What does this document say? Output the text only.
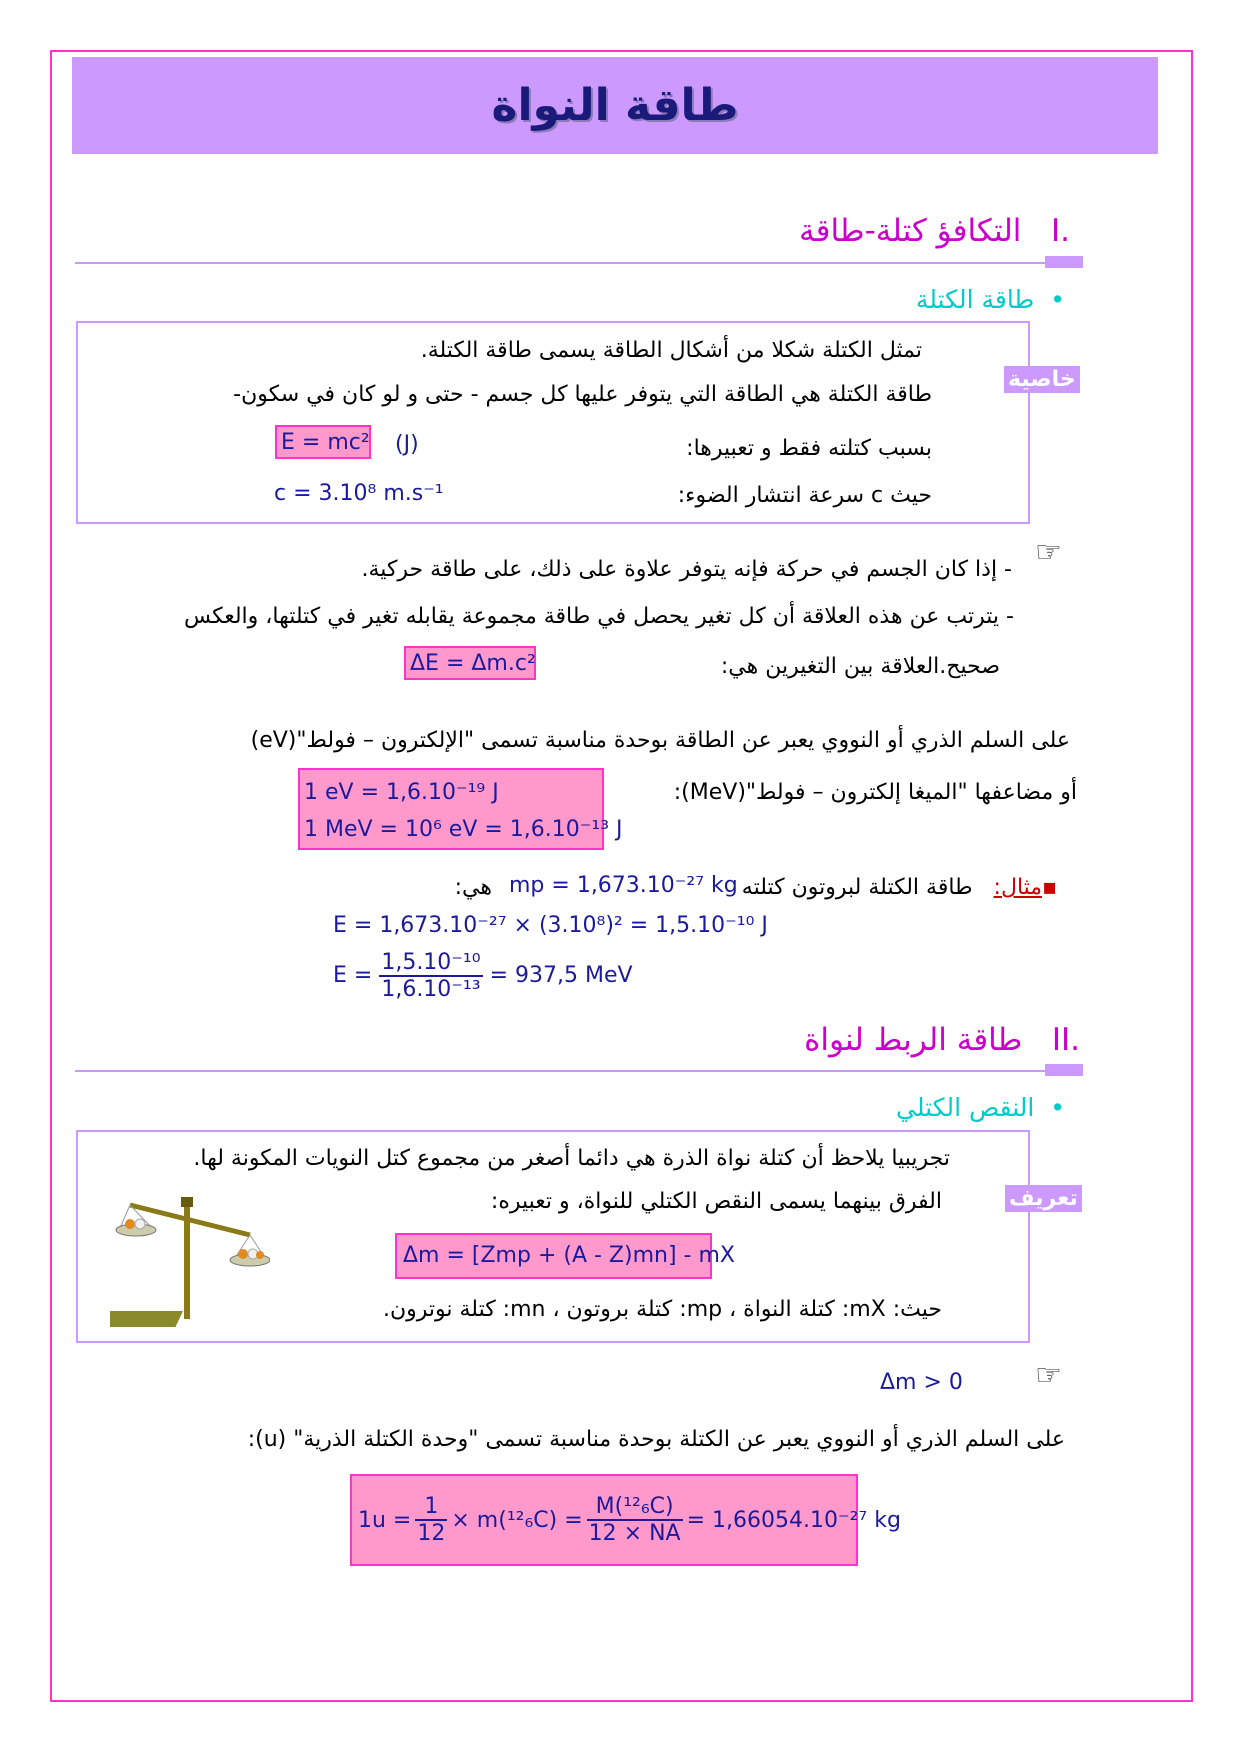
طاقة النواة
.I   التكافؤ كتلة-طاقة
•  طاقة الكتلة
خاصية
تمثل الكتلة شكلا من أشكال الطاقة يسمى طاقة الكتلة.
طاقة الكتلة هي الطاقة التي يتوفر عليها كل جسم - حتى و لو كان في سكون-
بسبب كتلته فقط و تعبيرها:
E = mc² (J)
حيث c سرعة انتشار الضوء:
c = 3.10⁸ m.s⁻¹
☞
- إذا كان الجسم في حركة فإنه يتوفر علاوة على ذلك، على طاقة حركية.
- يترتب عن هذه العلاقة أن كل تغير يحصل في طاقة مجموعة يقابله تغير في كتلتها، والعكس
صحيح.العلاقة بين التغيرين هي:
ΔE = Δm.c²
على السلم الذري أو النووي يعبر عن الطاقة بوحدة مناسبة تسمى "الإلكترون – فولط"(eV)
أو مضاعفها "الميغا إلكترون – فولط"(MeV):
1 eV = 1,6.10⁻¹⁹ J
1 MeV = 10⁶ eV = 1,6.10⁻¹³ J
▪مثال:   طاقة الكتلة لبروتون كتلته
mp = 1,673.10⁻²⁷ kg
هي:
E = 1,673.10⁻²⁷ × (3.10⁸)² = 1,5.10⁻¹⁰ J
$E = \frac{\text{1,5.10⁻¹⁰}}{\text{1,6.10⁻¹³}} = 937,5$ MeV
.II   طاقة الربط لنواة
•  النقص الكتلي
تعريف
تجريبيا يلاحظ أن كتلة نواة الذرة هي دائما أصغر من مجموع كتل النويات المكونة لها.
الفرق بينهما يسمى النقص الكتلي للنواة، و تعبيره:
Δm = [Zmp + (A - Z)mn] - mX
حيث: mX: كتلة النواة ، mp: كتلة بروتون ، mn: كتلة نوترون.
☞
Δm > 0
على السلم الذري أو النووي يعبر عن الكتلة بوحدة مناسبة تسمى "وحدة الكتلة الذرية" (u):
$1u = \frac{1}{12} \times m(^{12}_6C) = \frac{\text{M(¹²₆C)}}{12 \times NA} = 1,66054.10^{-27}$ kg
